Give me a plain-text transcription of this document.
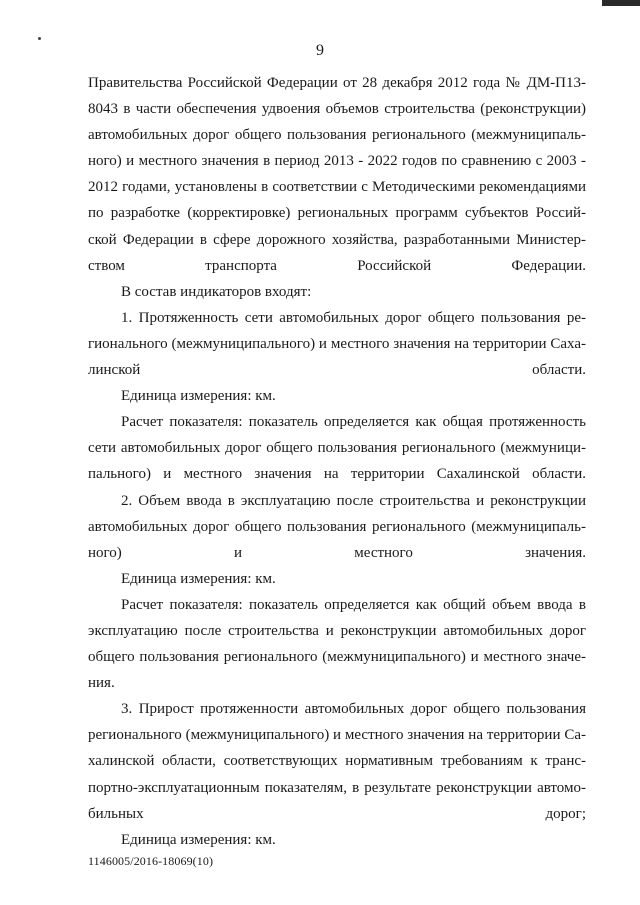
9

Правительства Российской Федерации от 28 декабря 2012 года № ДМ-П13-
8043 в части обеспечения удвоения объемов строительства (реконструкции)
автомобильных дорог общего пользования регионального (межмуниципаль-
ного) и местного значения в период 2013 - 2022 годов по сравнению с 2003 -
2012 годами, установлены в соответствии с Методическими рекомендациями
по разработке (корректировке) региональных программ субъектов Россий-
ской Федерации в сфере дорожного хозяйства, разработанными Министер-
ством транспорта Российской Федерации.

В состав индикаторов входят:

1. Протяженность сети автомобильных дорог общего пользования ре-
гионального (межмуниципального) и местного значения на территории Саха-
линской области.

Единица измерения: км.

Расчет показателя: показатель определяется как общая протяженность
сети автомобильных дорог общего пользования регионального (межмуници-
пального) и местного значения на территории Сахалинской области.

2. Объем ввода в эксплуатацию после строительства и реконструкции
автомобильных дорог общего пользования регионального (межмуниципаль-
ного) и местного значения.

Единица измерения: км.

Расчет показателя: показатель определяется как общий объем ввода в
эксплуатацию после строительства и реконструкции автомобильных дорог
общего пользования регионального (межмуниципального) и местного значе-
ния.

3. Прирост протяженности автомобильных дорог общего пользования
регионального (межмуниципального) и местного значения на территории Са-
халинской области, соответствующих нормативным требованиям к транс-
портно-эксплуатационным показателям, в результате реконструкции автомо-
бильных дорог;

Единица измерения: км.

1146005/2016-18069(10)
